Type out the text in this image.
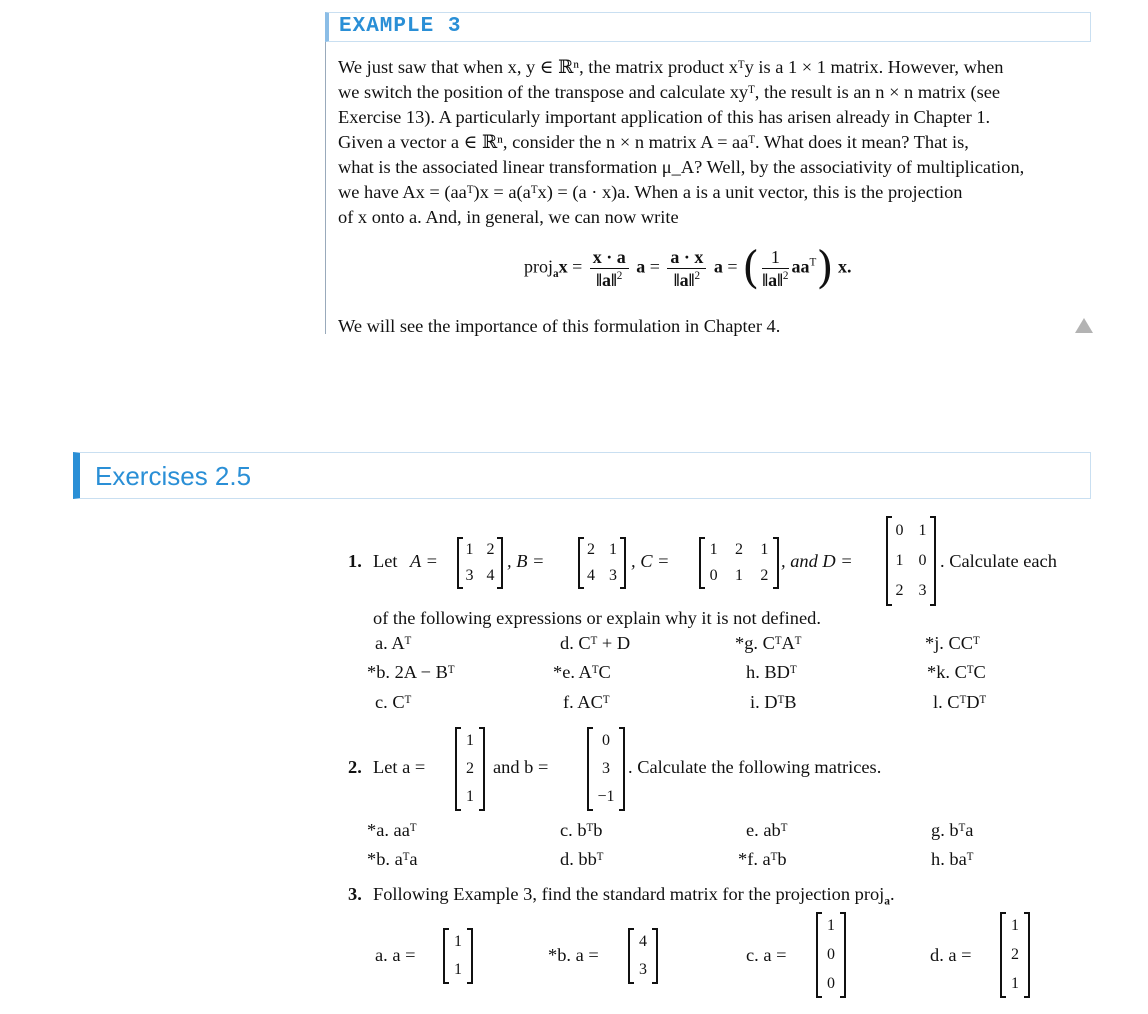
EXAMPLE 3

We just saw that when x, y ∈ ℝⁿ, the matrix product xᵀy is a 1 × 1 matrix. However, when

we switch the position of the transpose and calculate xyᵀ, the result is an n × n matrix (see

Exercise 13). A particularly important application of this has arisen already in Chapter 1.

Given a vector a ∈ ℝⁿ, consider the n × n matrix A = aaᵀ. What does it mean? That is,

what is the associated linear transformation μ_A? Well, by the associativity of multiplication,

we have Ax = (aaᵀ)x = a(aᵀx) = (a · x)a. When a is a unit vector, this is the projection

of x onto a. And, in general, we can now write

proj$_a$x = $\frac{x \cdot a}{‖a‖^2}$ $a = \frac{a \cdot x}{‖a‖^2}$ a = ( $\frac{1}{‖a‖^2} aa^T$) x.
We will see the importance of this formulation in Chapter 4.
Exercises 2.5
1. Let A =
1	2
3	4
, B =
2	1
4	3
, C =
1	2	1
0	1	2
, and D =
0	1
1	0
2	3
. Calculate each
of the following expressions or explain why it is not defined.
a. Aᵀ	d. Cᵀ + D	*g. CᵀAᵀ	*j. CCᵀ
*b. 2A − Bᵀ	*e. AᵀC	h. BDᵀ	*k. CᵀC
c. Cᵀ	f. ACᵀ	i. DᵀB	l. CᵀDᵀ
2. Let a =
1
2
1
and b =
0
3
−1
. Calculate the following matrices.
*a. aaᵀ	c. bᵀb	e. abᵀ	g. bᵀa
*b. aᵀa	d. bbᵀ	*f. aᵀb	h. baᵀ
3. Following Example 3, find the standard matrix for the projection proj$_a$.
a. a =
1
1
*b. a =
4
3
c. a =
1
0
0
d. a =
1
2
1
